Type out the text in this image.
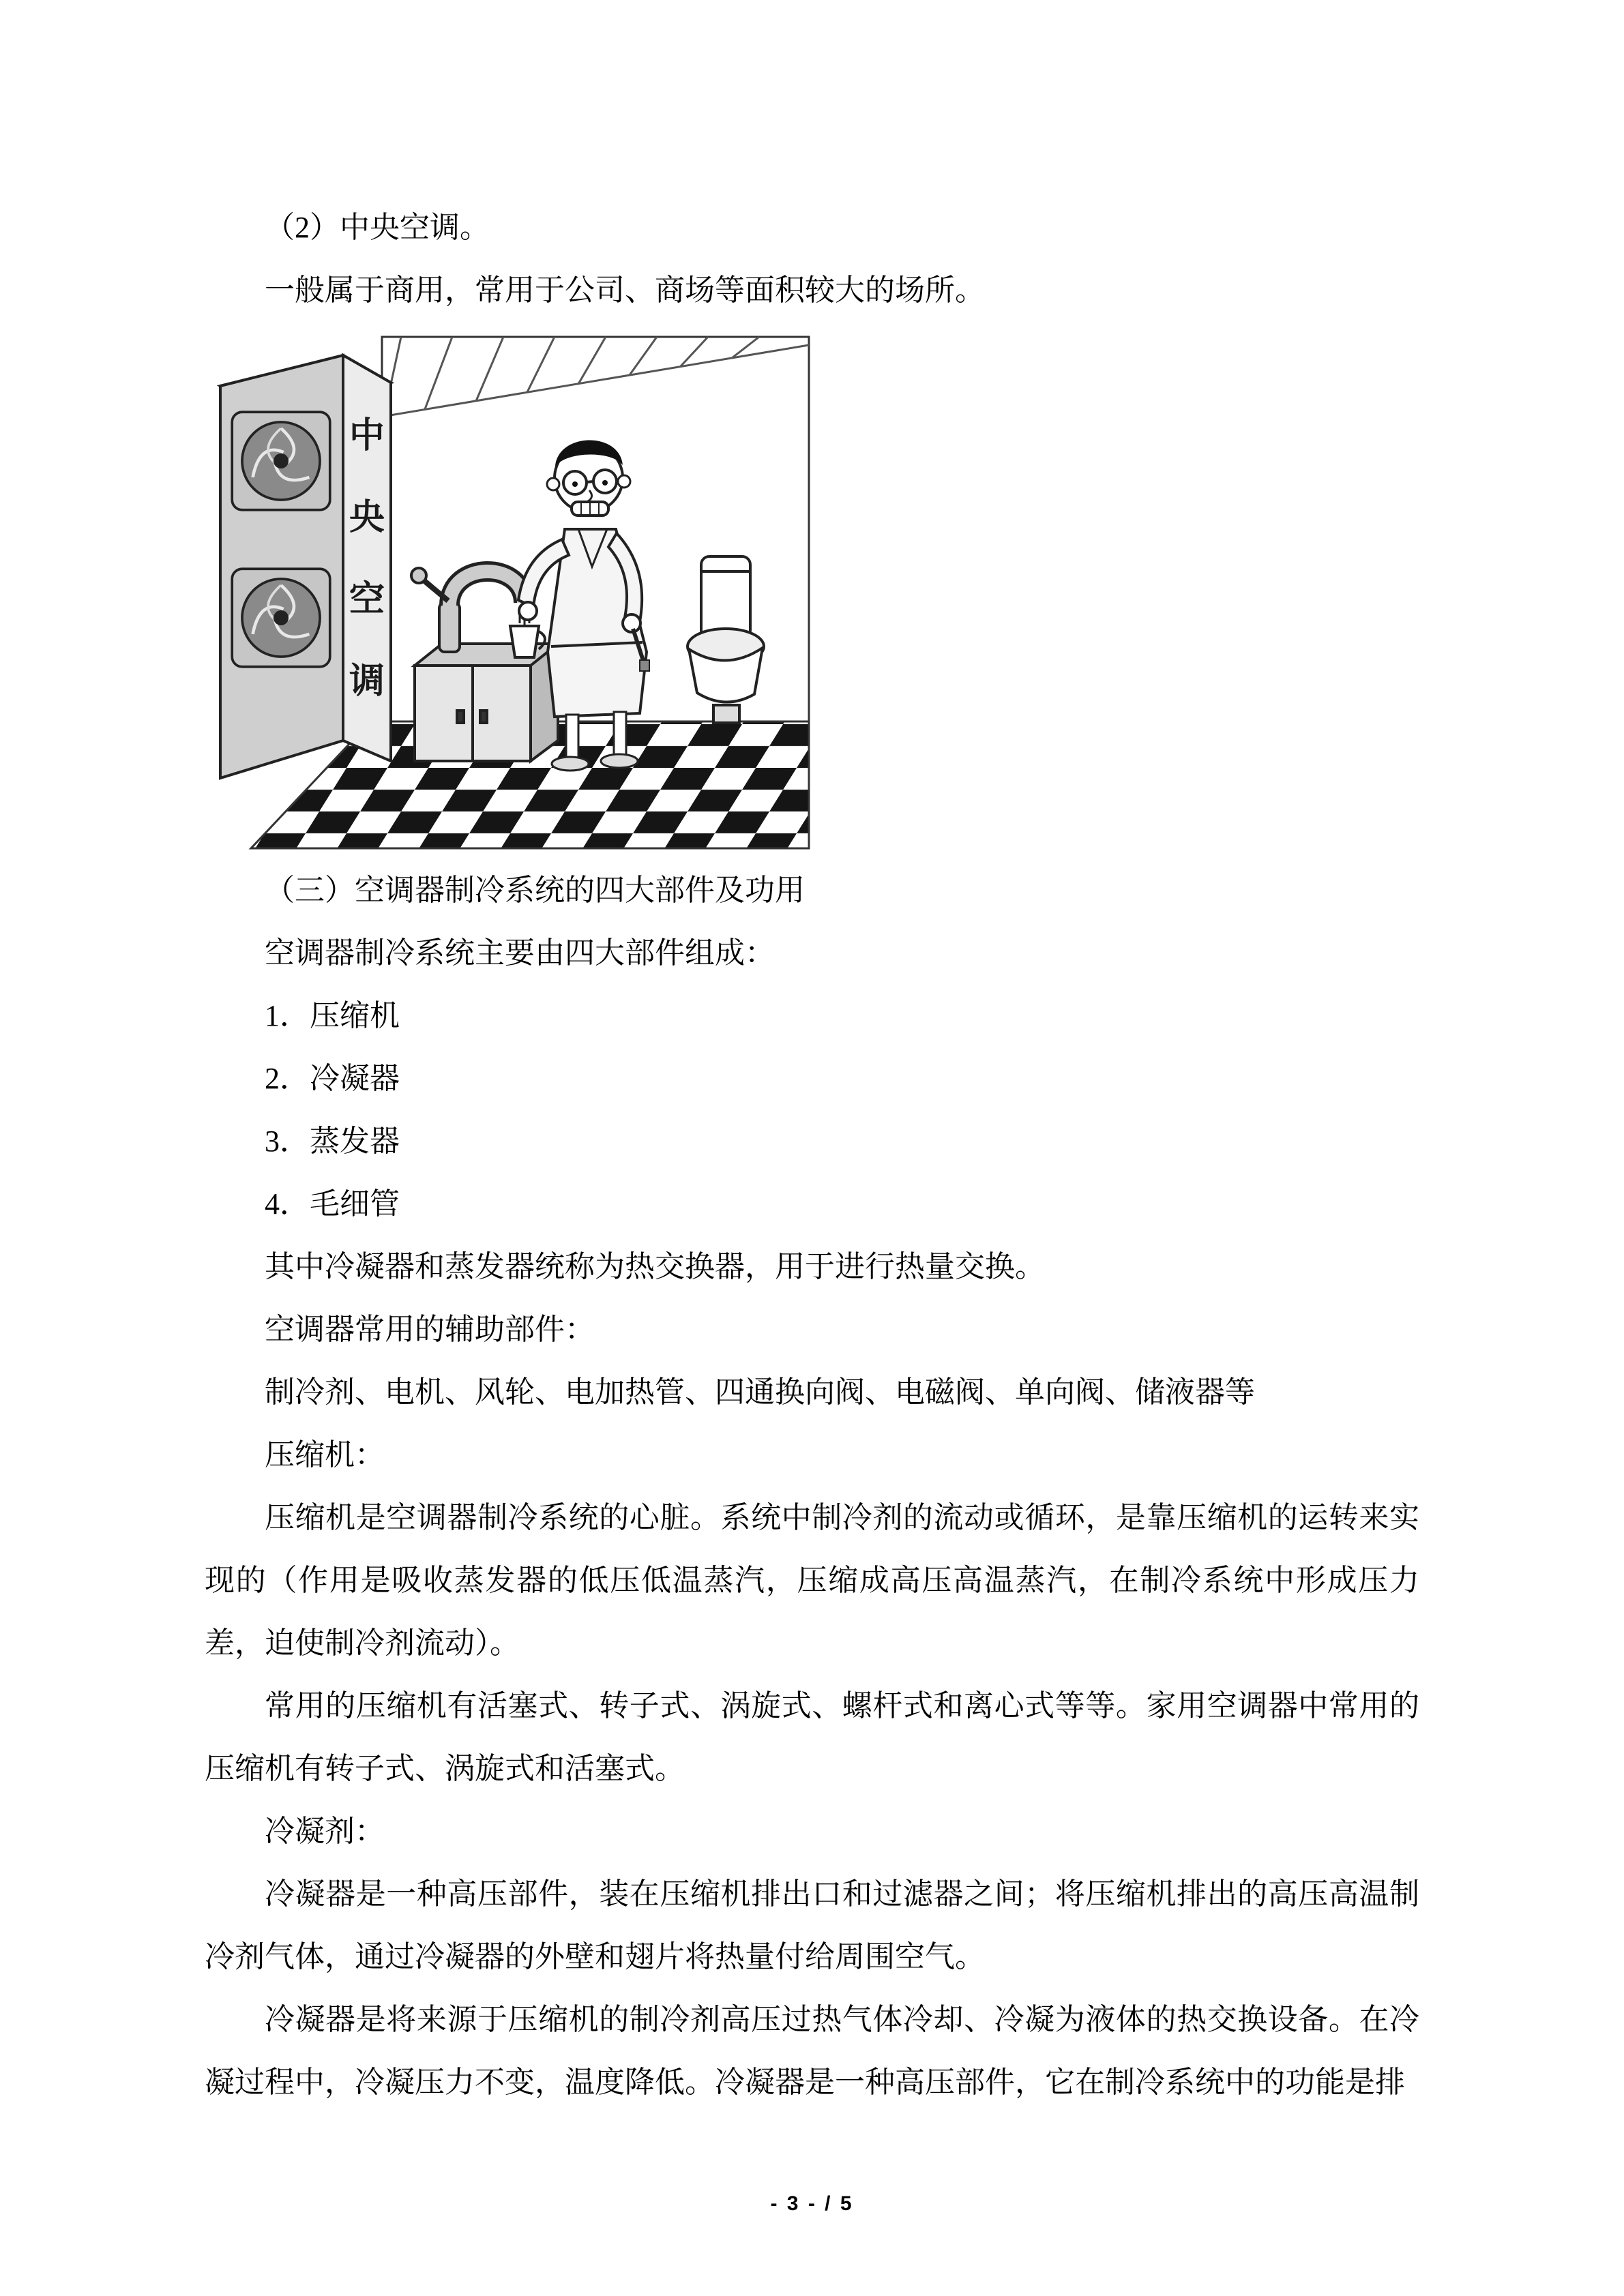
（2）中央空调。

一般属于商用，常用于公司、商场等面积较大的场所。

中
央
空
调

（三）空调器制冷系统的四大部件及功用

空调器制冷系统主要由四大部件组成：

1．压缩机

2．冷凝器

3．蒸发器

4．毛细管

其中冷凝器和蒸发器统称为热交换器，用于进行热量交换。

空调器常用的辅助部件：

制冷剂、电机、风轮、电加热管、四通换向阀、电磁阀、单向阀、储液器等

压缩机：

压缩机是空调器制冷系统的心脏。系统中制冷剂的流动或循环，是靠压缩机的运转来实现的（作用是吸收蒸发器的低压低温蒸汽，压缩成高压高温蒸汽，在制冷系统中形成压力差，迫使制冷剂流动）。

常用的压缩机有活塞式、转子式、涡旋式、螺杆式和离心式等等。家用空调器中常用的压缩机有转子式、涡旋式和活塞式。

冷凝剂：

冷凝器是一种高压部件，装在压缩机排出口和过滤器之间；将压缩机排出的高压高温制冷剂气体，通过冷凝器的外壁和翅片将热量付给周围空气。

冷凝器是将来源于压缩机的制冷剂高压过热气体冷却、冷凝为液体的热交换设备。在冷凝过程中，冷凝压力不变，温度降低。冷凝器是一种高压部件，它在制冷系统中的功能是排

- 3 - / 5
